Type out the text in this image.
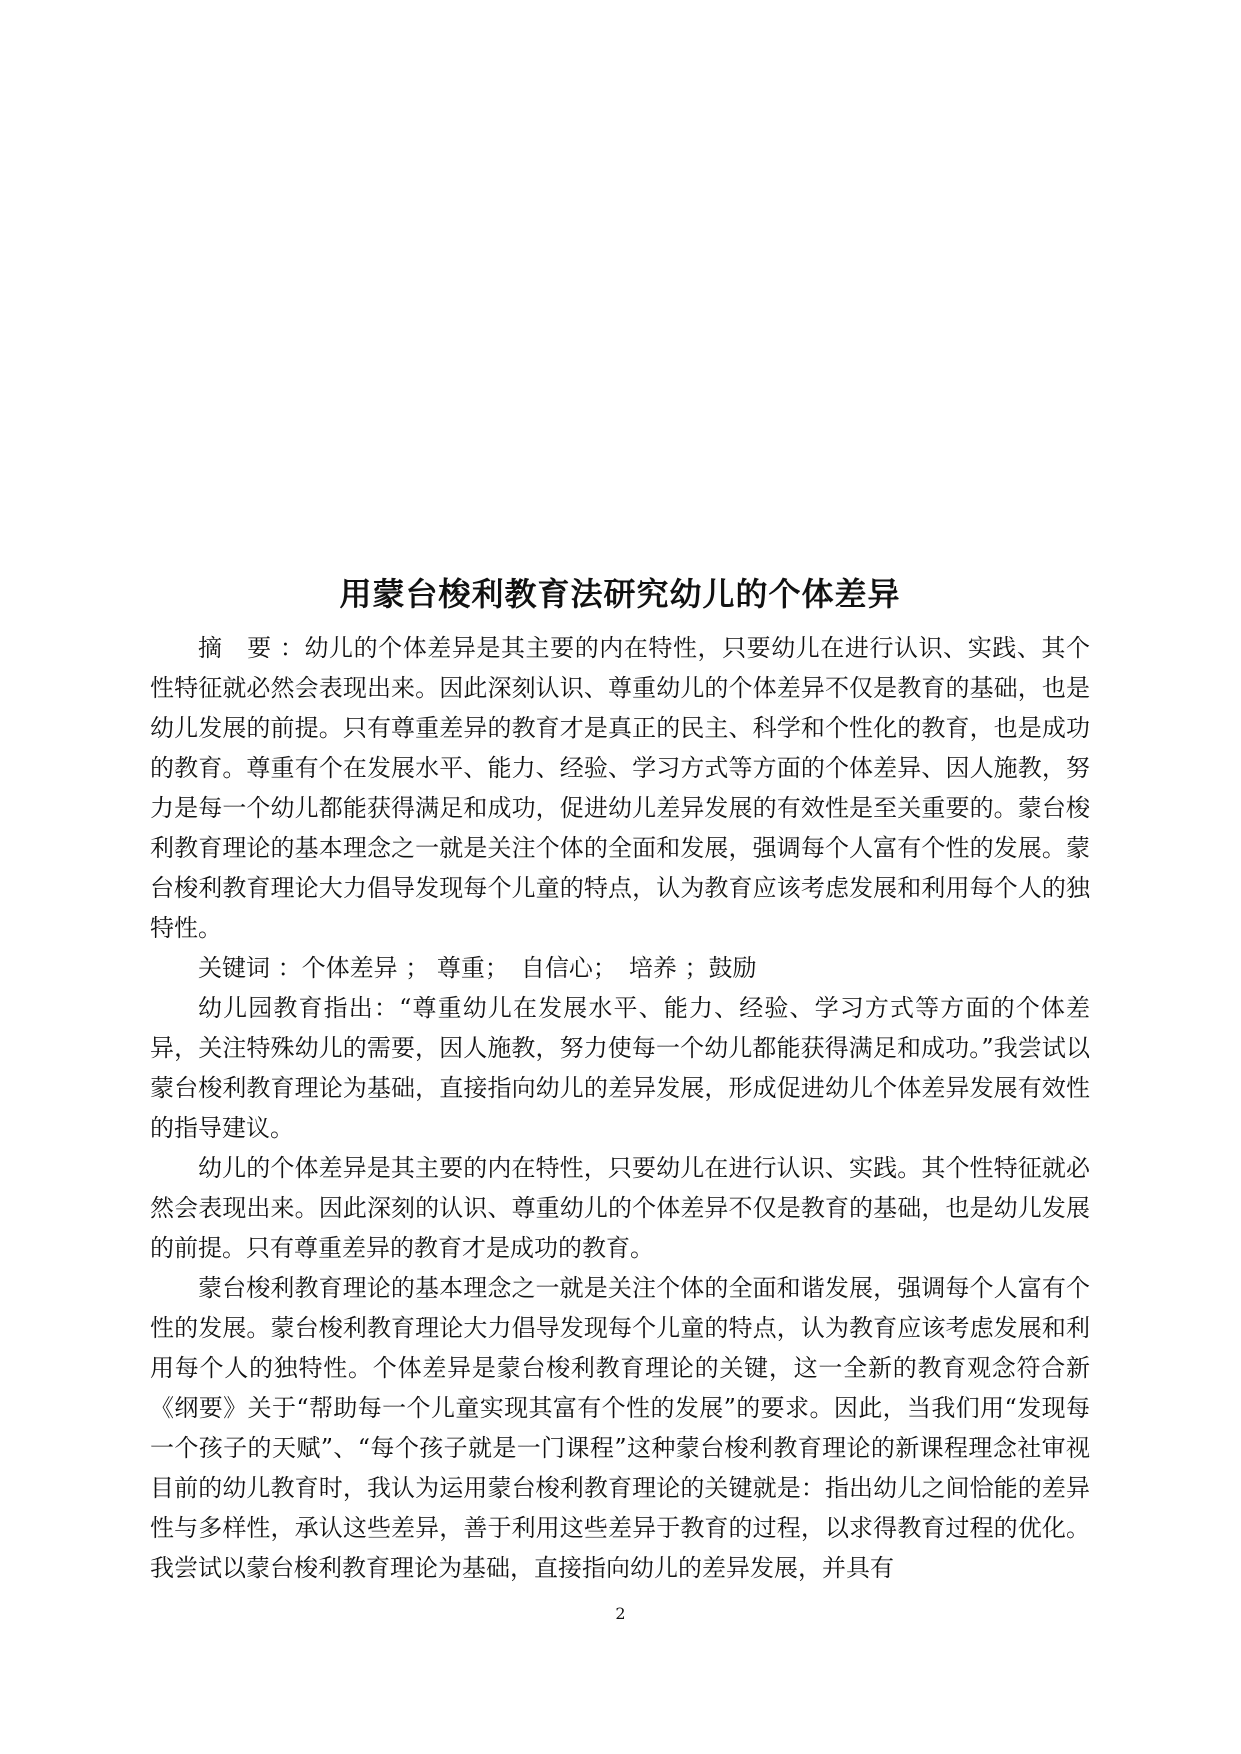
用蒙台梭利教育法研究幼儿的个体差异

摘　要 ：幼儿的个体差异是其主要的内在特性，只要幼儿在进行认识、实践、其个性特征就必然会表现出来。因此深刻认识、尊重幼儿的个体差异不仅是教育的基础，也是幼儿发展的前提。只有尊重差异的教育才是真正的民主、科学和个性化的教育，也是成功的教育。尊重有个在发展水平、能力、经验、学习方式等方面的个体差异、因人施教，努力是每一个幼儿都能获得满足和成功，促进幼儿差异发展的有效性是至关重要的。蒙台梭利教育理论的基本理念之一就是关注个体的全面和发展，强调每个人富有个性的发展。蒙台梭利教育理论大力倡导发现每个儿童的特点，认为教育应该考虑发展和利用每个人的独特性。

关键词 ：个体差异 ； 尊重；　自信心；　培养 ；鼓励

幼儿园教育指出：“尊重幼儿在发展水平、能力、经验、学习方式等方面的个体差异，关注特殊幼儿的需要，因人施教，努力使每一个幼儿都能获得满足和成功。”我尝试以蒙台梭利教育理论为基础，直接指向幼儿的差异发展，形成促进幼儿个体差异发展有效性的指导建议。

幼儿的个体差异是其主要的内在特性，只要幼儿在进行认识、实践。其个性特征就必然会表现出来。因此深刻的认识、尊重幼儿的个体差异不仅是教育的基础，也是幼儿发展的前提。只有尊重差异的教育才是成功的教育。

蒙台梭利教育理论的基本理念之一就是关注个体的全面和谐发展，强调每个人富有个性的发展。蒙台梭利教育理论大力倡导发现每个儿童的特点，认为教育应该考虑发展和利用每个人的独特性。个体差异是蒙台梭利教育理论的关键，这一全新的教育观念符合新《纲要》关于“帮助每一个儿童实现其富有个性的发展”的要求。因此，当我们用“发现每一个孩子的天赋”、“每个孩子就是一门课程”这种蒙台梭利教育理论的新课程理念社审视目前的幼儿教育时，我认为运用蒙台梭利教育理论的关键就是：指出幼儿之间恰能的差异性与多样性，承认这些差异，善于利用这些差异于教育的过程，以求得教育过程的优化。我尝试以蒙台梭利教育理论为基础，直接指向幼儿的差异发展，并具有

2
